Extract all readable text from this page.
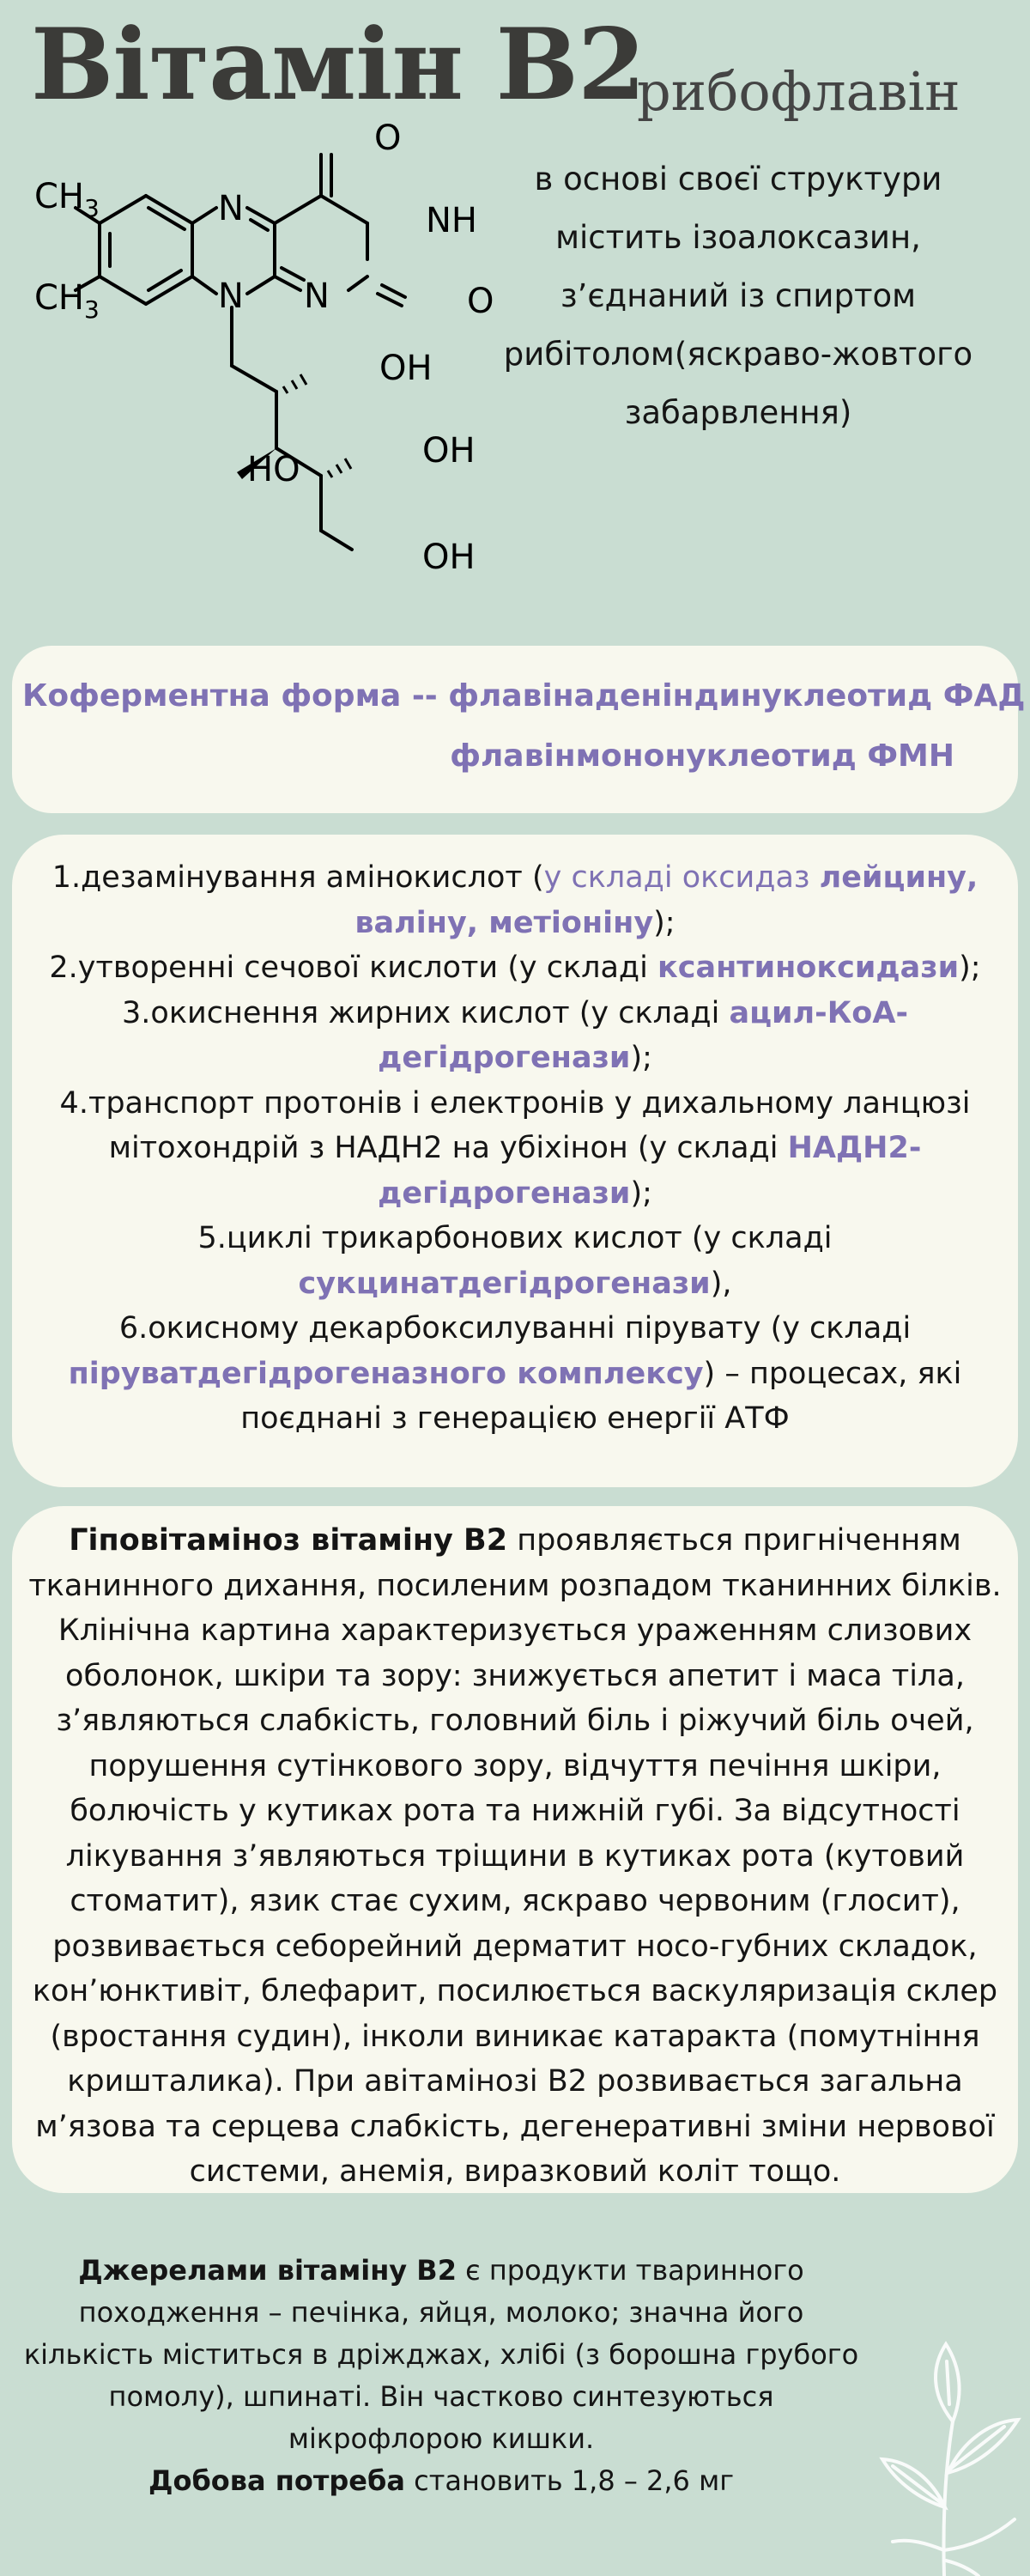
Вітамін В2
рибофлавін
$CH_3$
$CH_3$
N
N N
NH
O
O
OH
HO	OH
OH
в основі своєї структури містить ізоалоксазин, з’єднаний із спиртом рибітолом(яскраво-жовтого забарвлення)
Коферментна форма -- флавінаденіндинуклеотид ФАД
флавінмононуклеотид ФМН
1.дезамінування амінокислот (у складі оксидаз лейцину, валіну, метіоніну);
2.утворенні сечової кислоти (у складі ксантиноксидази);
3.окиснення жирних кислот (у складі ацил-КоА-дегідрогенази);
4.транспорт протонів і електронів у дихальному ланцюзі мітохондрій з НАДН2 на убіхінон (у складі НАДН2-дегідрогенази);
5.циклі трикарбонових кислот (у складі сукцинатдегідрогенази),
6.окисному декарбоксилуванні пірувату (у складі піруватдегідрогеназного комплексу) – процесах, які поєднані з генерацією енергії АТФ
Гіповітаміноз вітаміну В2 проявляється пригніченням тканинного дихання, посиленим розпадом тканинних білків. Клінічна картина характеризується ураженням слизових оболонок, шкіри та зору: знижується апетит і маса тіла, з’являються слабкість, головний біль і ріжучий біль очей, порушення сутінкового зору, відчуття печіння шкіри, болючість у кутиках рота та нижній губі. За відсутності лікування з’являються тріщини в кутиках рота (кутовий стоматит), язик стає сухим, яскраво червоним (глосит), розвивається себорейний дерматит носо-губних складок, кон’юнктивіт, блефарит, посилюється васкуляризація склер (вростання судин), інколи виникає катаракта (помутніння кришталика). При авітамінозі В2 розвивається загальна м’язова та серцева слабкість, дегенеративні зміни нервової системи, анемія, виразковий коліт тощо.
Джерелами вітаміну В2 є продукти тваринного походження – печінка, яйця, молоко; значна його кількість міститься в дріжджах, хлібі (з борошна грубого помолу), шпинаті. Він частково синтезуються мікрофлорою кишки.
Добова потреба становить 1,8 – 2,6 мг
